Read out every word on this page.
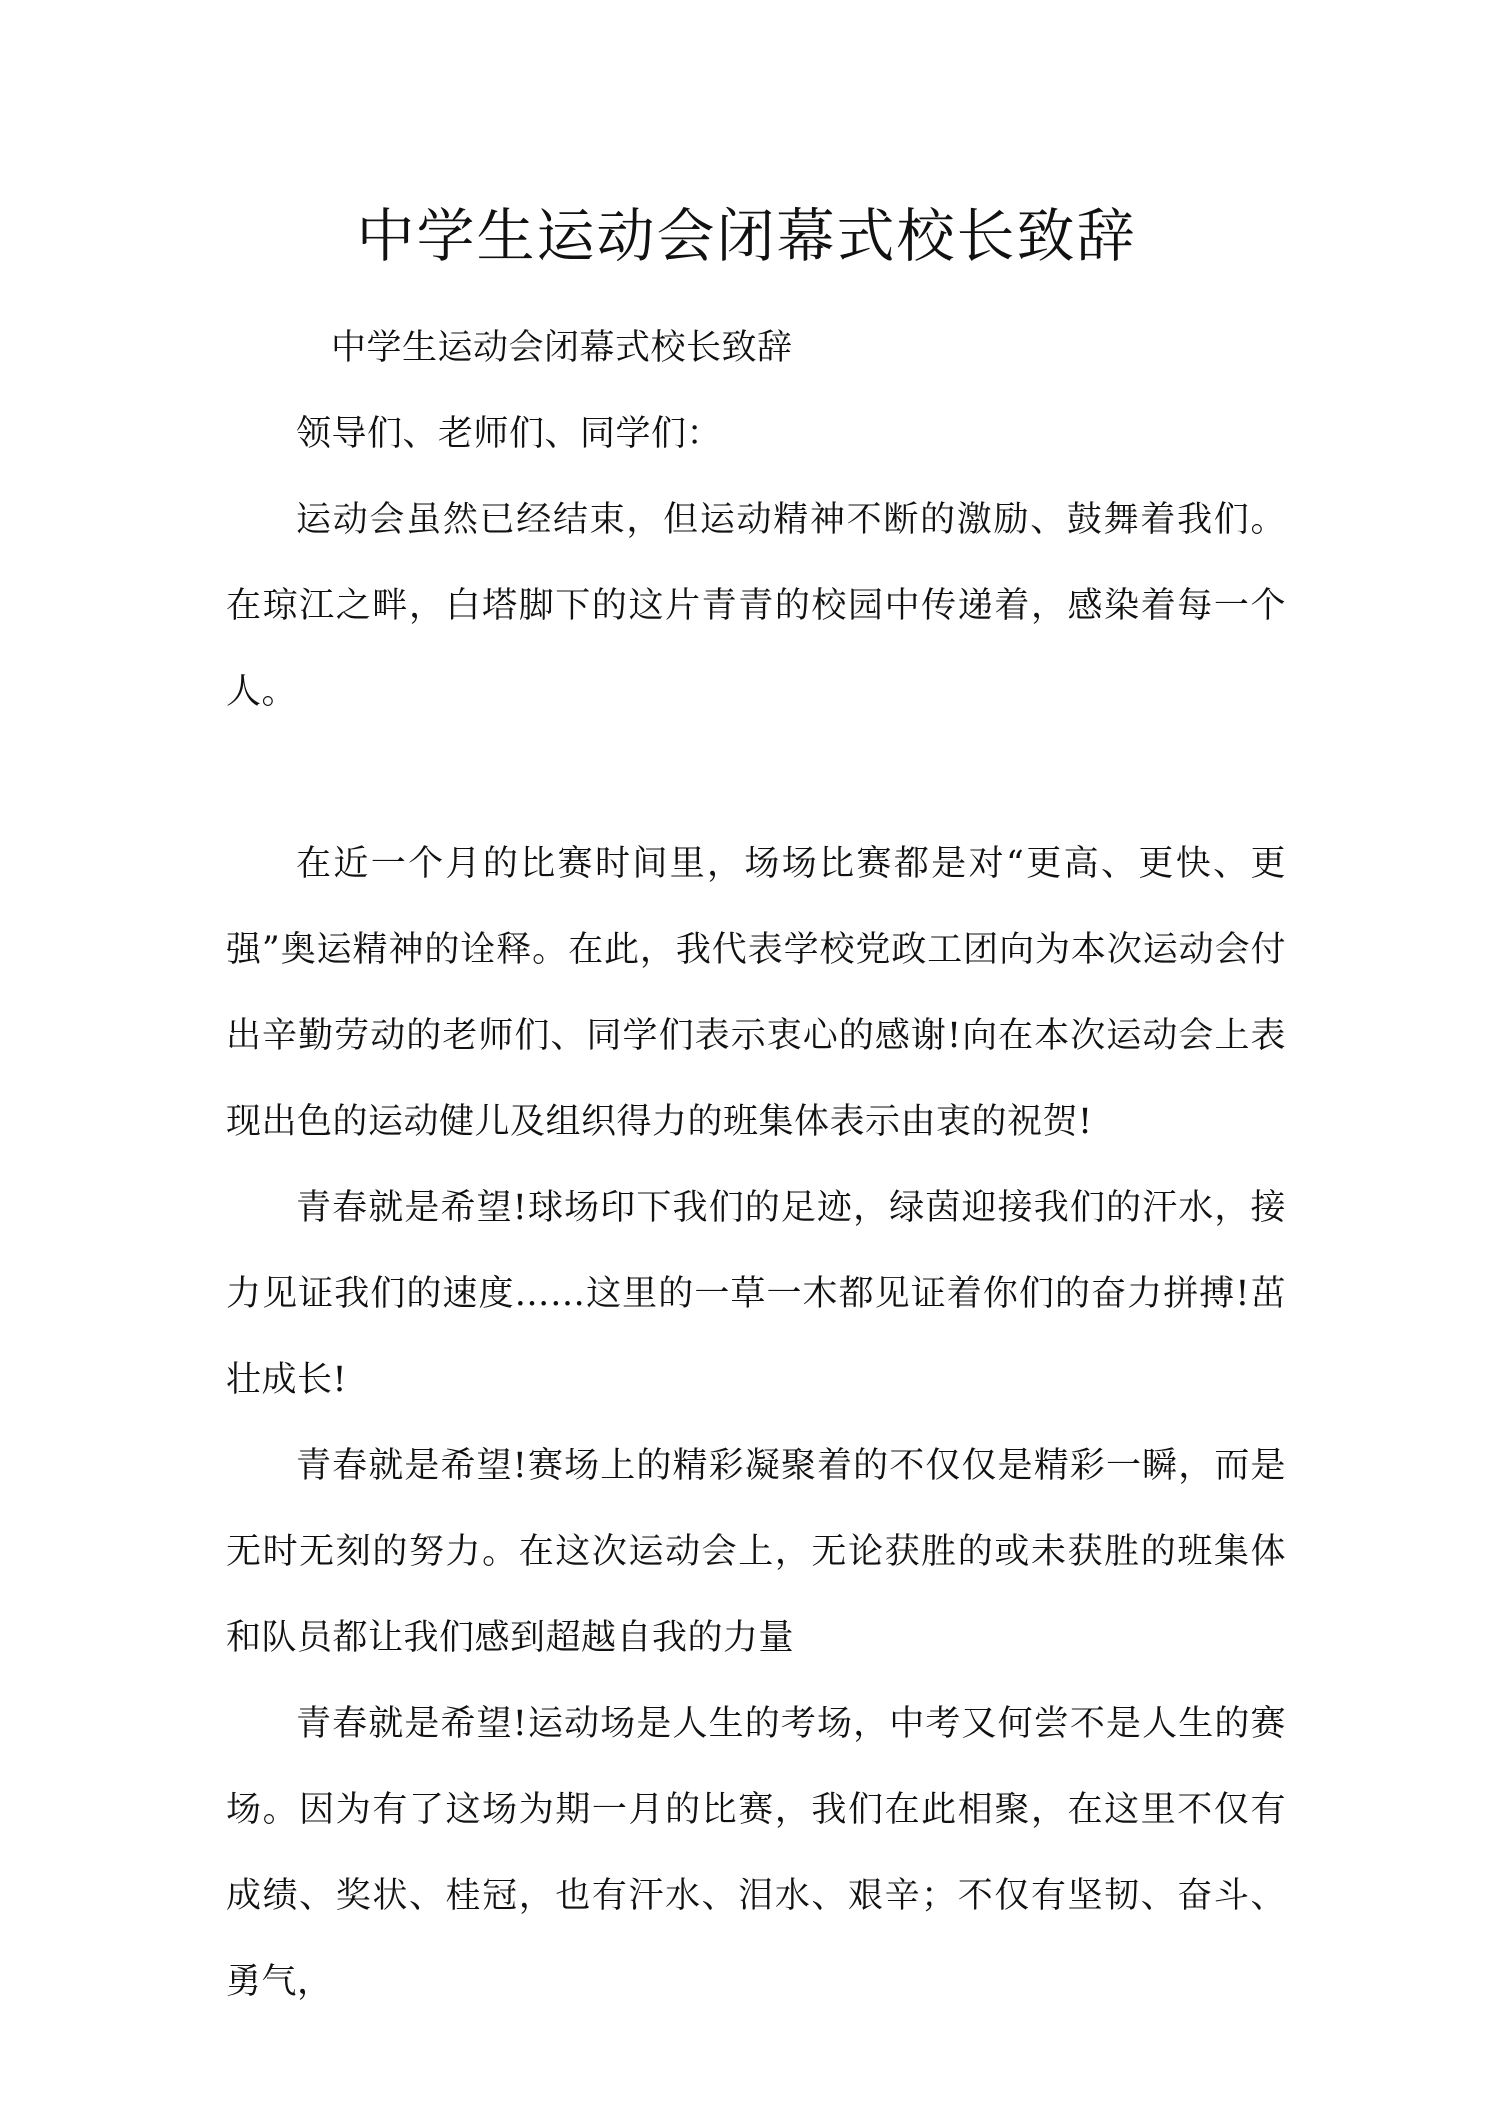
中学生运动会闭幕式校长致辞

中学生运动会闭幕式校长致辞

领导们、老师们、同学们：

运动会虽然已经结束，但运动精神不断的激励、鼓舞着我们。在琼江之畔，白塔脚下的这片青青的校园中传递着，感染着每一个人。

在近一个月的比赛时间里，场场比赛都是对“更高、更快、更强”奥运精神的诠释。在此，我代表学校党政工团向为本次运动会付出辛勤劳动的老师们、同学们表示衷心的感谢!向在本次运动会上表现出色的运动健儿及组织得力的班集体表示由衷的祝贺!

青春就是希望!球场印下我们的足迹，绿茵迎接我们的汗水，接力见证我们的速度……这里的一草一木都见证着你们的奋力拼搏!茁壮成长!

青春就是希望!赛场上的精彩凝聚着的不仅仅是精彩一瞬，而是无时无刻的努力。在这次运动会上，无论获胜的或未获胜的班集体和队员都让我们感到超越自我的力量

青春就是希望!运动场是人生的考场，中考又何尝不是人生的赛场。因为有了这场为期一月的比赛，我们在此相聚，在这里不仅有成绩、奖状、桂冠，也有汗水、泪水、艰辛；不仅有坚韧、奋斗、勇气，
